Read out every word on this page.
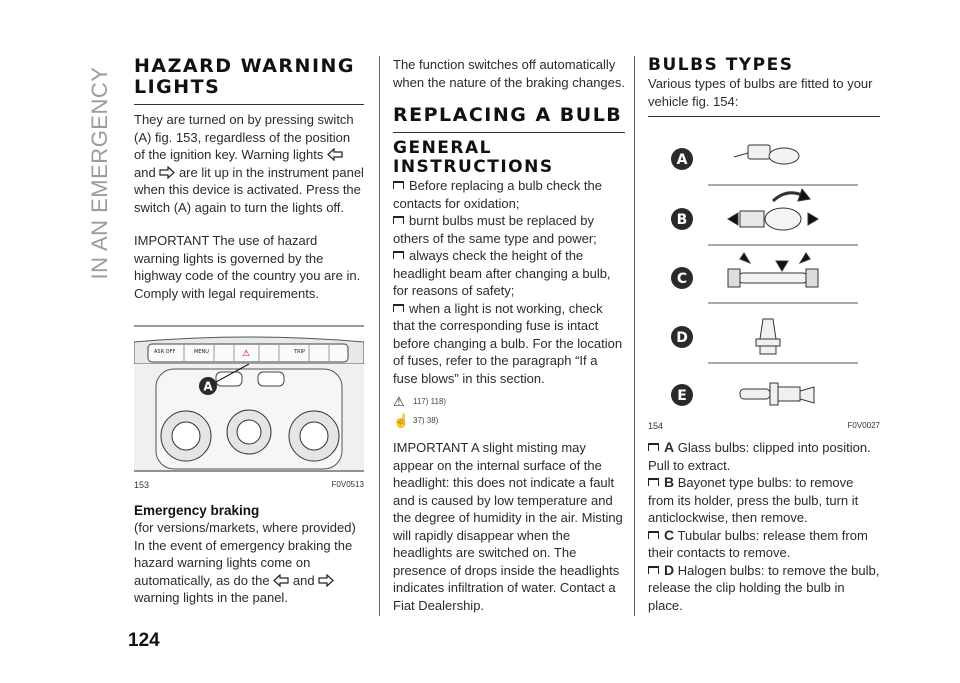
IN AN EMERGENCY
124
HAZARD WARNING LIGHTS

They are turned on by pressing switch (A) fig. 153, regardless of the position of the ignition key. Warning lights
and are lit up in the instrument panel when this device is activated. Press the switch (A) again to turn the lights off.

IMPORTANT The use of hazard warning lights is governed by the highway code of the country you are in. Comply with legal requirements.

ASR OFF	MENU	⚠	TRIP
A
153	F0V0513
Emergency braking

(for versions/markets, where provided) In the event of emergency braking the hazard warning lights come on automatically, as do the and  warning lights in the panel.

The function switches off automatically when the nature of the braking changes.

REPLACING A BULB
GENERAL INSTRUCTIONS

Before replacing a bulb check the contacts for oxidation;

burnt bulbs must be replaced by others of the same type and power;

always check the height of the headlight beam after changing a bulb, for reasons of safety;

when a light is not working, check that the corresponding fuse is intact before changing a bulb. For the location of fuses, refer to the paragraph “If a fuse blows” in this section.

⚠ 117) 118)
☝ 37) 38)

IMPORTANT A slight misting may appear on the internal surface of the headlight: this does not indicate a fault and is caused by low temperature and the degree of humidity in the air. Misting will rapidly disappear when the headlights are switched on. The presence of drops inside the headlights indicates infiltration of water. Contact a Fiat Dealership.

BULBS TYPES

Various types of bulbs are fitted to your vehicle fig. 154:

A
B
C
D
E
154	F0V0027

A Glass bulbs: clipped into position. Pull to extract.

B Bayonet type bulbs: to remove from its holder, press the bulb, turn it anticlockwise, then remove.

C Tubular bulbs: release them from their contacts to remove.

D Halogen bulbs: to remove the bulb, release the clip holding the bulb in place.
